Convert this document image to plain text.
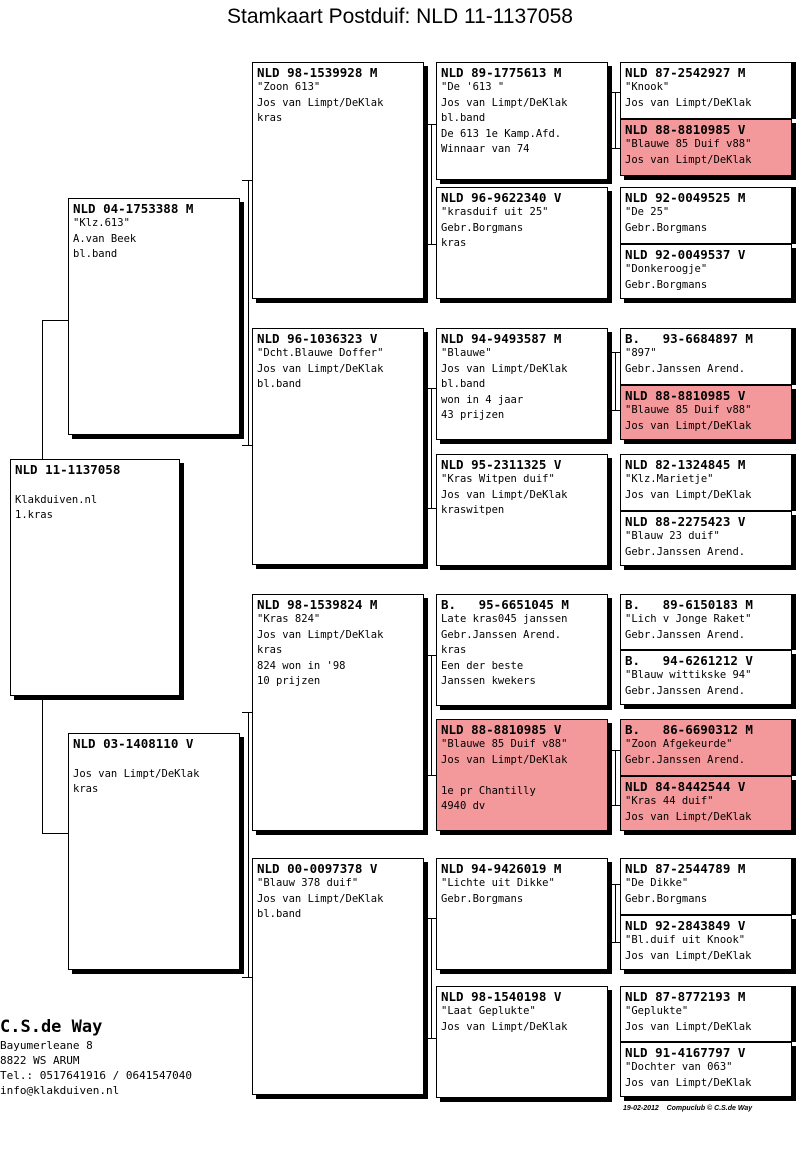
Stamkaart Postduif: NLD 11-1137058
NLD 11-1137058
Klakduiven.nl
1.kras
NLD 04-1753388 M
"Klz.613"
A.van Beek
bl.band
NLD 03-1408110 V
Jos van Limpt/DeKlak
kras
NLD 98-1539928 M
"Zoon 613"
Jos van Limpt/DeKlak
kras
NLD 96-1036323 V
"Dcht.Blauwe Doffer"
Jos van Limpt/DeKlak
bl.band
NLD 98-1539824 M
"Kras 824"
Jos van Limpt/DeKlak
kras
824 won in '98
10 prijzen
NLD 00-0097378 V
"Blauw 378 duif"
Jos van Limpt/DeKlak
bl.band
NLD 89-1775613 M
"De '613 "
Jos van Limpt/DeKlak
bl.band
De 613 1e Kamp.Afd.
Winnaar van 74
NLD 96-9622340 V
"krasduif uit 25"
Gebr.Borgmans
kras
NLD 94-9493587 M
"Blauwe"
Jos van Limpt/DeKlak
bl.band
won in 4 jaar
43 prijzen
NLD 95-2311325 V
"Kras Witpen duif"
Jos van Limpt/DeKlak
kraswitpen
B.   95-6651045 M
Late kras045 janssen
Gebr.Janssen Arend.
kras
Een der beste
Janssen kwekers
NLD 88-8810985 V
"Blauwe 85 Duif v88"
Jos van Limpt/DeKlak
1e pr Chantilly
4940 dv
NLD 94-9426019 M
"Lichte uit Dikke"
Gebr.Borgmans
NLD 98-1540198 V
"Laat Geplukte"
Jos van Limpt/DeKlak
NLD 87-2542927 M
"Knook"
Jos van Limpt/DeKlak
NLD 88-8810985 V
"Blauwe 85 Duif v88"
Jos van Limpt/DeKlak
NLD 92-0049525 M
"De 25"
Gebr.Borgmans
NLD 92-0049537 V
"Donkeroogje"
Gebr.Borgmans
B.   93-6684897 M
"897"
Gebr.Janssen Arend.
NLD 88-8810985 V
"Blauwe 85 Duif v88"
Jos van Limpt/DeKlak
NLD 82-1324845 M
"Klz.Marietje"
Jos van Limpt/DeKlak
NLD 88-2275423 V
"Blauw 23 duif"
Gebr.Janssen Arend.
B.   89-6150183 M
"Lich v Jonge Raket"
Gebr.Janssen Arend.
B.   94-6261212 V
"Blauw wittikske 94"
Gebr.Janssen Arend.
B.   86-6690312 M
"Zoon Afgekeurde"
Gebr.Janssen Arend.
NLD 84-8442544 V
"Kras 44 duif"
Jos van Limpt/DeKlak
NLD 87-2544789 M
"De Dikke"
Gebr.Borgmans
NLD 92-2843849 V
"Bl.duif uit Knook"
Jos van Limpt/DeKlak
NLD 87-8772193 M
"Geplukte"
Jos van Limpt/DeKlak
NLD 91-4167797 V
"Dochter van 063"
Jos van Limpt/DeKlak
C.S.de Way
Bayumerleane 8
8822 WS ARUM
Tel.: 0517641916 / 0641547040
info@klakduiven.nl
19-02-2012 Compuclub © C.S.de Way
